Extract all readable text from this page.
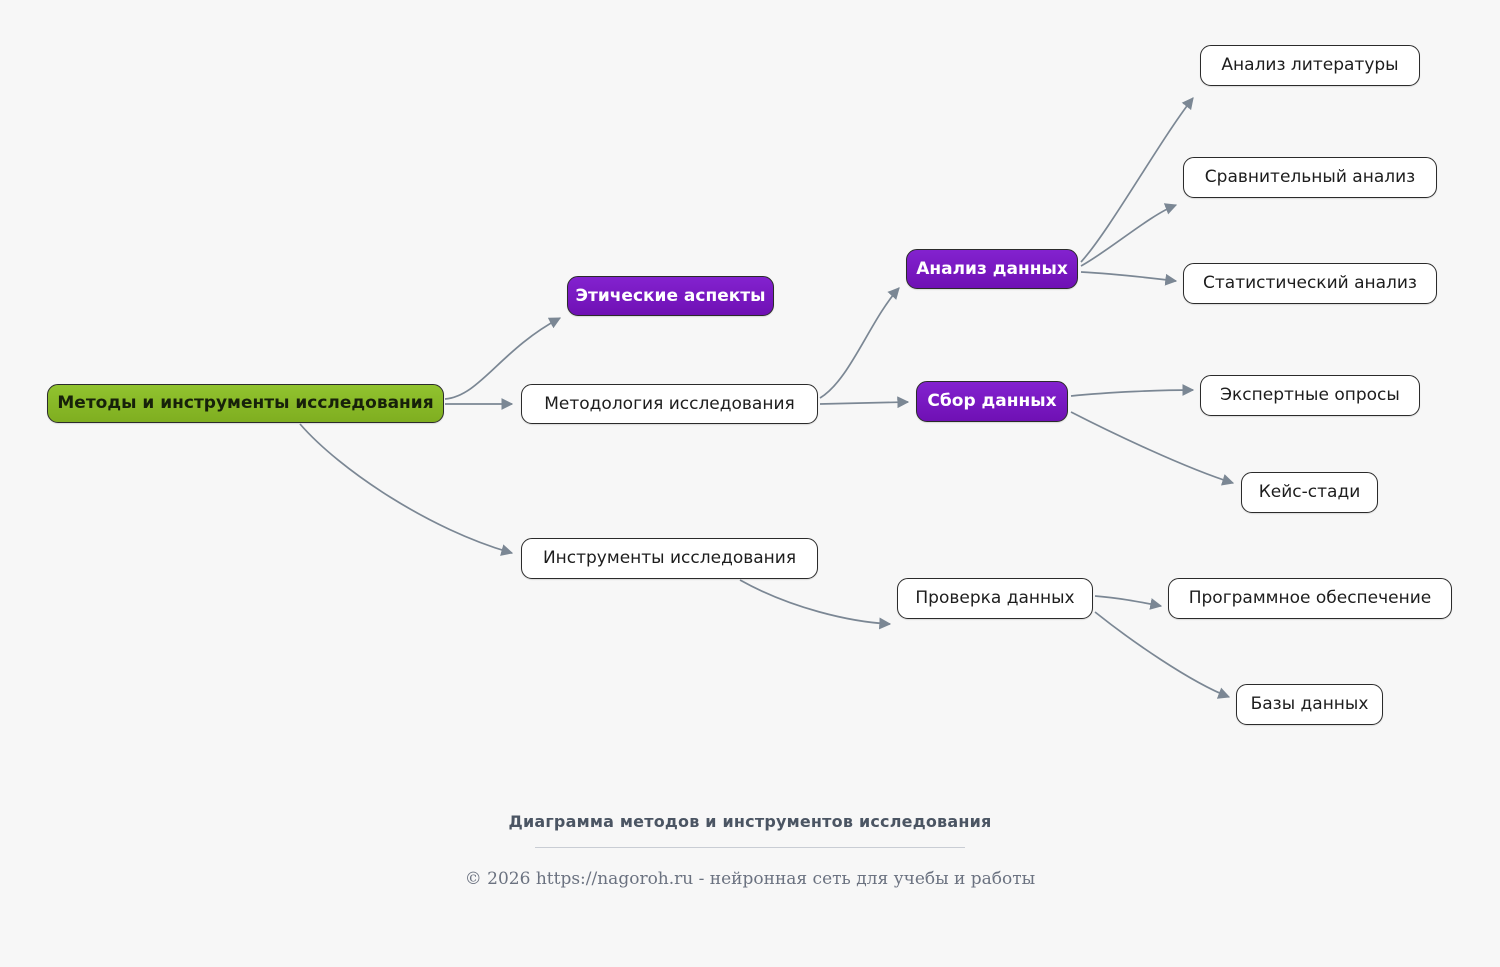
Методы и инструменты исследования
Этические аспекты
Методология исследования
Инструменты исследования
Анализ данных
Сбор данных
Проверка данных
Анализ литературы
Сравнительный анализ
Статистический анализ
Экспертные опросы
Кейс-стади
Программное обеспечение
Базы данных
Диаграмма методов и инструментов исследования
© 2026 https://nagoroh.ru - нейронная сеть для учебы и работы
